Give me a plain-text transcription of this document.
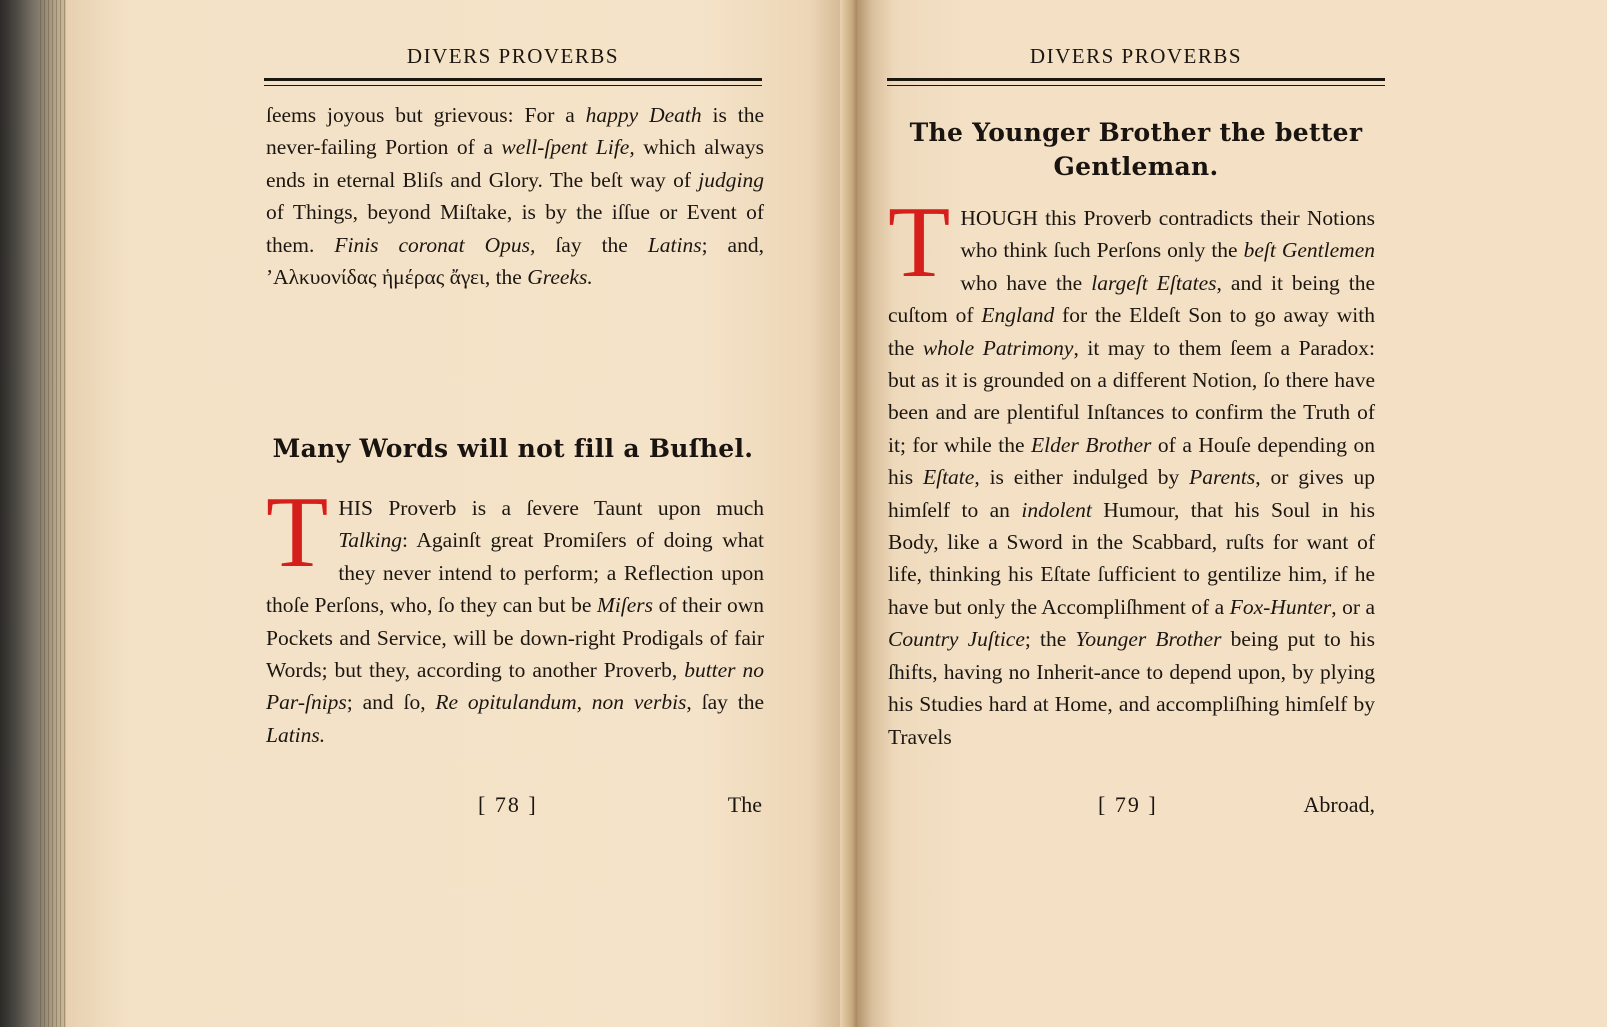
DIVERS PROVERBS

ſeems joyous but grievous: For a happy Death is the never-failing Portion of a well-ſpent Life, which always ends in eternal Bliſs and Glory. The beſt way of judging of Things, beyond Miſtake, is by the iſſue or Event of them. Finis coronat Opus, ſay the Latins; and, ’Αλκυονίδας ἡμέρας ἄγει, the Greeks.

Many Words will not fill a Buſhel.
T HIS Proverb is a ſevere Taunt upon much Talking: Againſt great Promiſers of doing what they never intend to perform; a Reflection upon thoſe Perſons, who, ſo they can but be Miſers of their own Pockets and Service, will be down-right Prodigals of fair Words; but they, according to another Proverb, butter no Par-ſnips; and ſo, Re opitulandum, non verbis, ſay the Latins.

[ 78 ]	The
DIVERS PROVERBS
The Younger Brother the better
Gentleman.
T HOUGH this Proverb contradicts their Notions who think ſuch Perſons only the beſt Gentlemen who have the largeſt Eſtates, and it being the cuſtom of England for the Eldeſt Son to go away with the whole Patrimony, it may to them ſeem a Paradox: but as it is grounded on a different Notion, ſo there have been and are plentiful Inſtances to confirm the Truth of it; for while the Elder Brother of a Houſe depending on his Eſtate, is either indulged by Parents, or gives up himſelf to an indolent Humour, that his Soul in his Body, like a Sword in the Scabbard, ruſts for want of life, thinking his Eſtate ſufficient to gentilize him, if he have but only the Accompliſhment of a Fox-Hunter, or a Country Juſtice; the Younger Brother being put to his ſhifts, having no Inherit-ance to depend upon, by plying his Studies hard at Home, and accompliſhing himſelf by Travels

[ 79 ]	Abroad,
